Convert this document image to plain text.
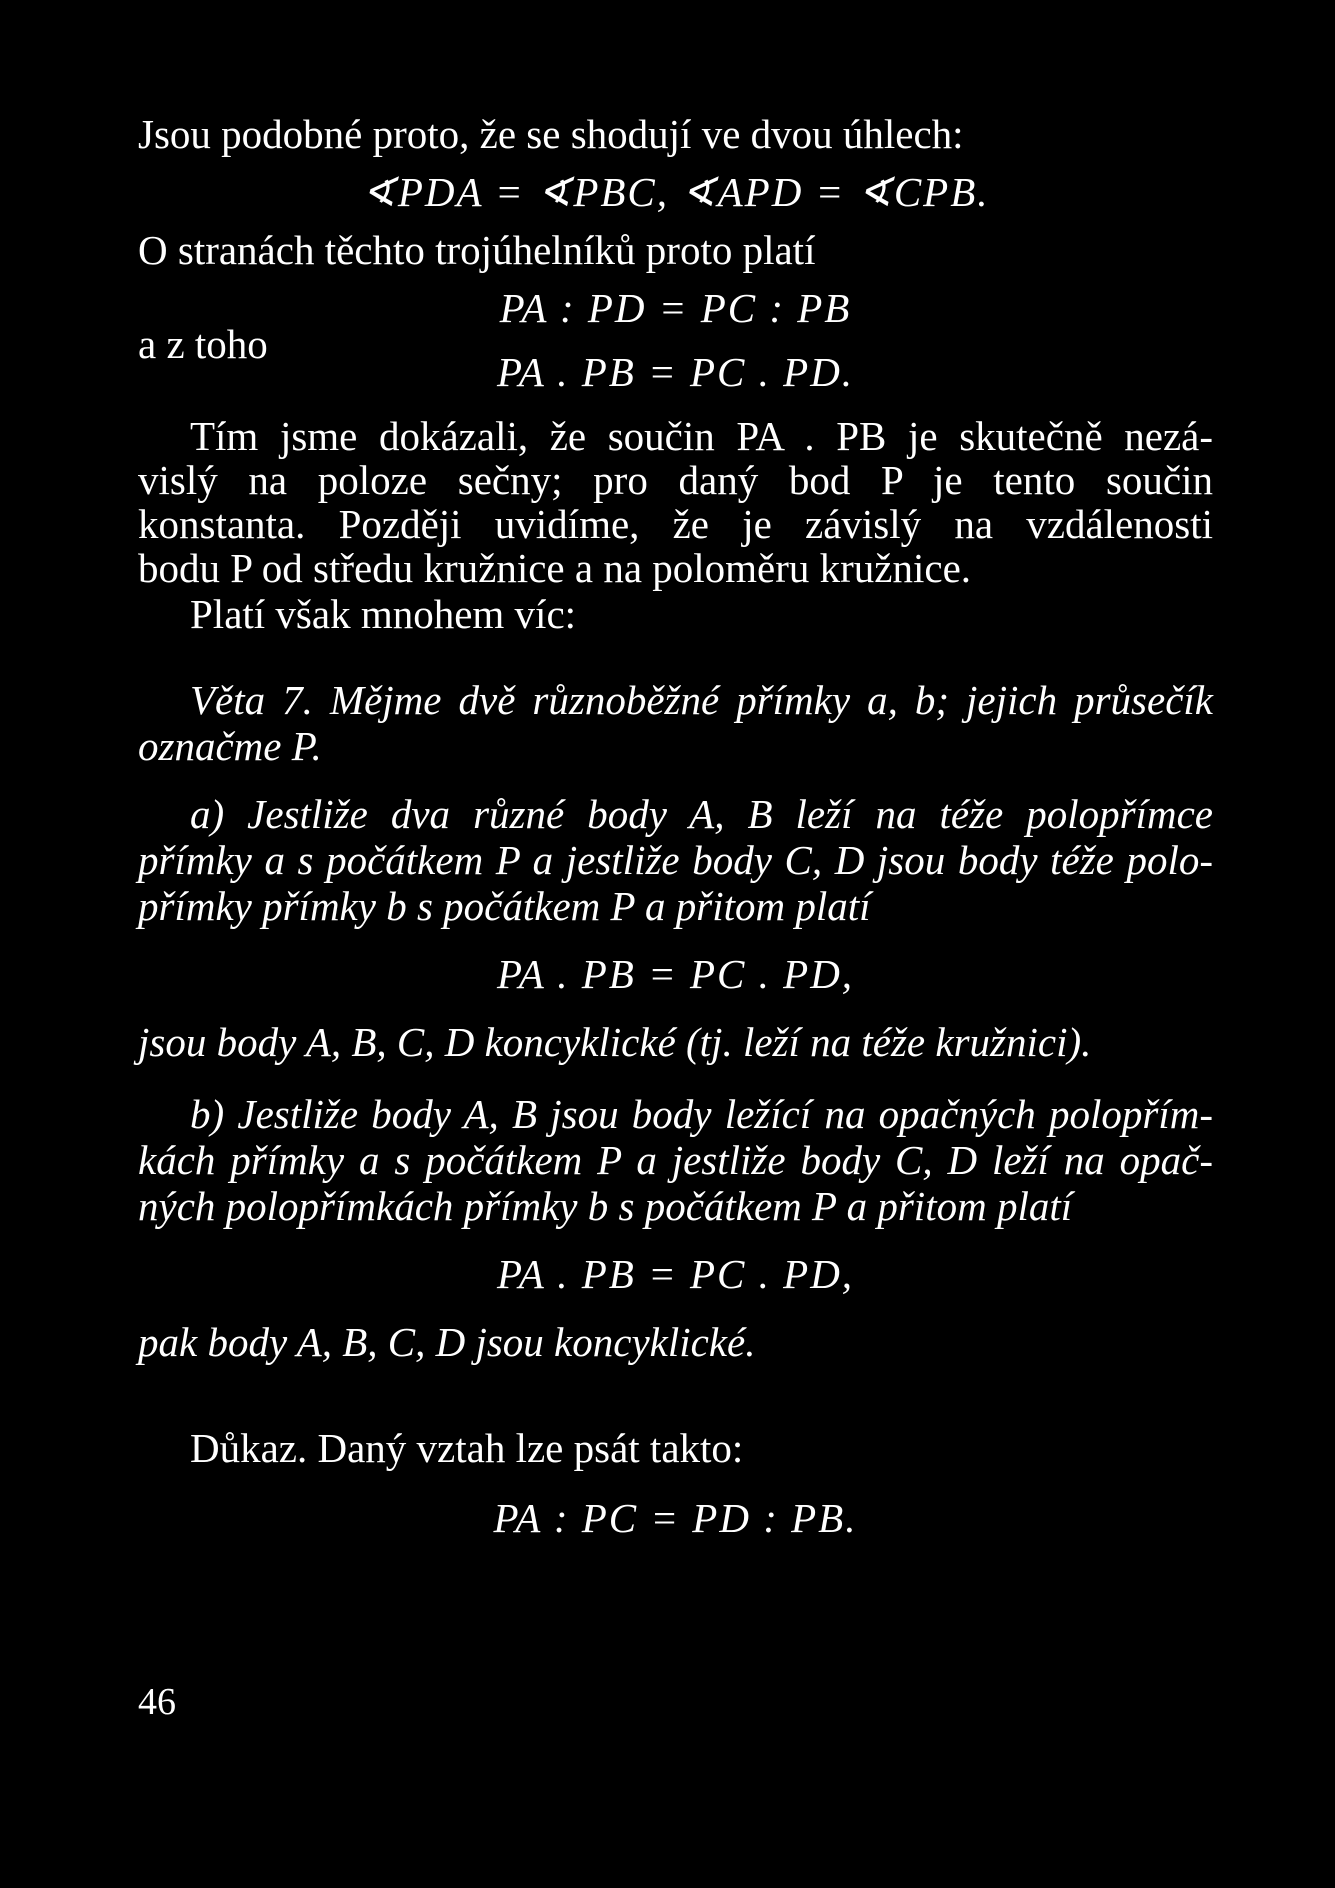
Jsou podobné proto, že se shodují ve dvou úhlech:
∢PDA = ∢PBC, ∢APD = ∢CPB.
O stranách těchto trojúhelníků proto platí
PA : PD = PC : PB
a z toho
PA . PB = PC . PD.
Tím jsme dokázali, že součin PA . PB je skutečně nezá-
vislý na poloze sečny; pro daný bod P je tento součin
konstanta. Později uvidíme, že je závislý na vzdálenosti
bodu P od středu kružnice a na poloměru kružnice.
Platí však mnohem víc:
Věta 7. Mějme dvě různoběžné přímky a, b; jejich průsečík
označme P.
a) Jestliže dva různé body A, B leží na téže polopřímce
přímky a s počátkem P a jestliže body C, D jsou body téže polo-
přímky přímky b s počátkem P a přitom platí
PA . PB = PC . PD,
jsou body A, B, C, D koncyklické (tj. leží na téže kružnici).
b) Jestliže body A, B jsou body ležící na opačných polopřím-
kách přímky a s počátkem P a jestliže body C, D leží na opač-
ných polopřímkách přímky b s počátkem P a přitom platí
PA . PB = PC . PD,
pak body A, B, C, D jsou koncyklické.
Důkaz. Daný vztah lze psát takto:
PA : PC = PD : PB.
46
